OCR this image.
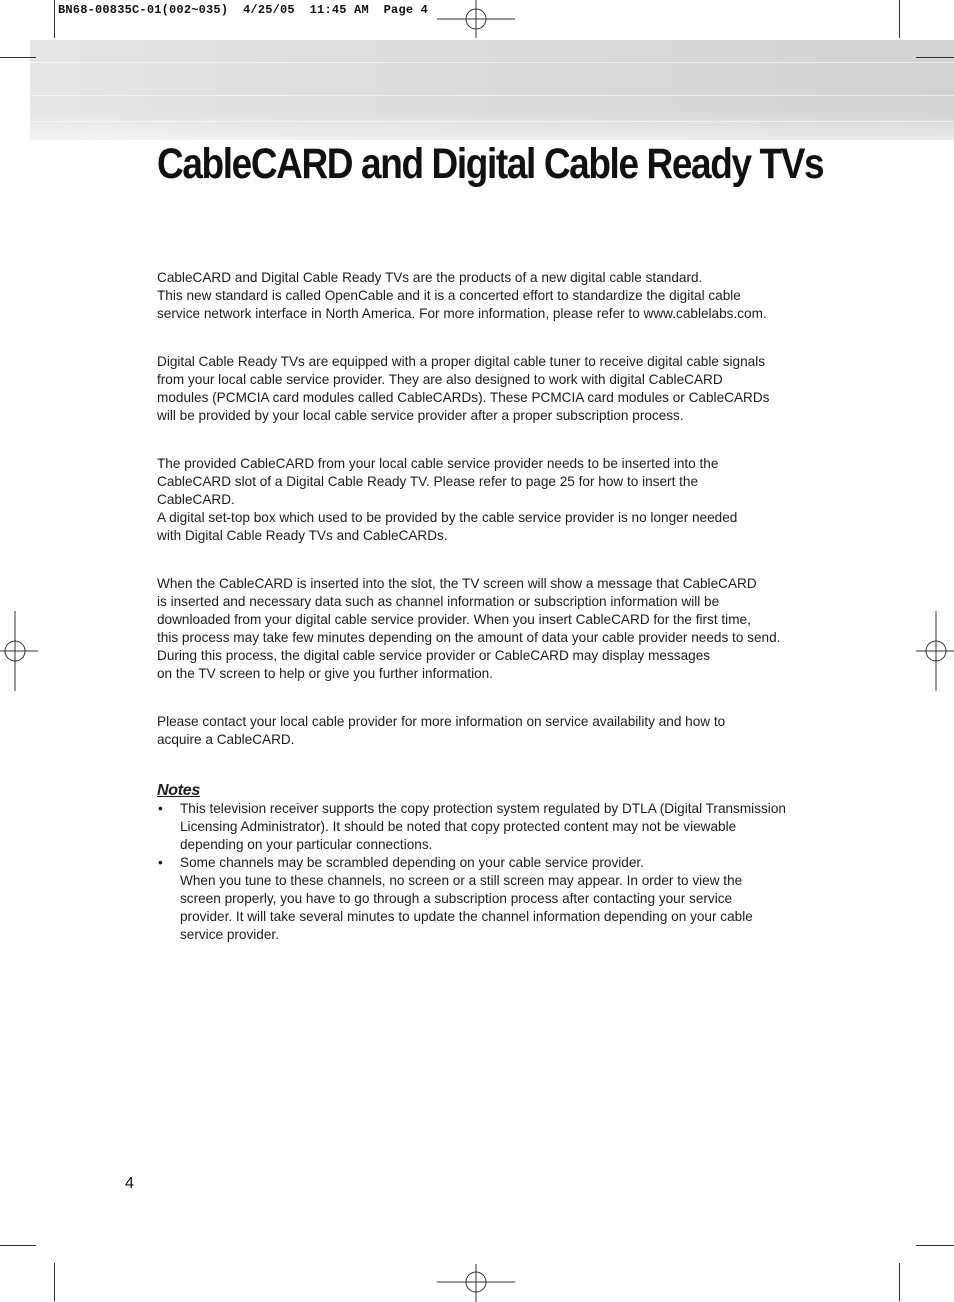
BN68-00835C-01(002~035)  4/25/05  11:45 AM  Page 4
CableCARD and Digital Cable Ready TVs

CableCARD and Digital Cable Ready TVs are the products of a new digital cable standard.
This new standard is called OpenCable and it is a concerted effort to standardize the digital cable
service network interface in North America. For more information, please refer to www.cablelabs.com.

Digital Cable Ready TVs are equipped with a proper digital cable tuner to receive digital cable signals
from your local cable service provider. They are also designed to work with digital CableCARD
modules (PCMCIA card modules called CableCARDs). These PCMCIA card modules or CableCARDs
will be provided by your local cable service provider after a proper subscription process.

The provided CableCARD from your local cable service provider needs to be inserted into the
CableCARD slot of a Digital Cable Ready TV. Please refer to page 25 for how to insert the
CableCARD.
A digital set-top box which used to be provided by the cable service provider is no longer needed
with Digital Cable Ready TVs and CableCARDs.

When the CableCARD is inserted into the slot, the TV screen will show a message that CableCARD
is inserted and necessary data such as channel information or subscription information will be
downloaded from your digital cable service provider. When you insert CableCARD for the first time,
this process may take few minutes depending on the amount of data your cable provider needs to send.
During this process, the digital cable service provider or CableCARD may display messages
on the TV screen to help or give you further information.

Please contact your local cable provider for more information on service availability and how to
acquire a CableCARD.

Notes
• This television receiver supports the copy protection system regulated by DTLA (Digital Transmission
Licensing Administrator). It should be noted that copy protected content may not be viewable
depending on your particular connections.
• Some channels may be scrambled depending on your cable service provider.
When you tune to these channels, no screen or a still screen may appear. In order to view the
screen properly, you have to go through a subscription process after contacting your service
provider. It will take several minutes to update the channel information depending on your cable
service provider.
4
